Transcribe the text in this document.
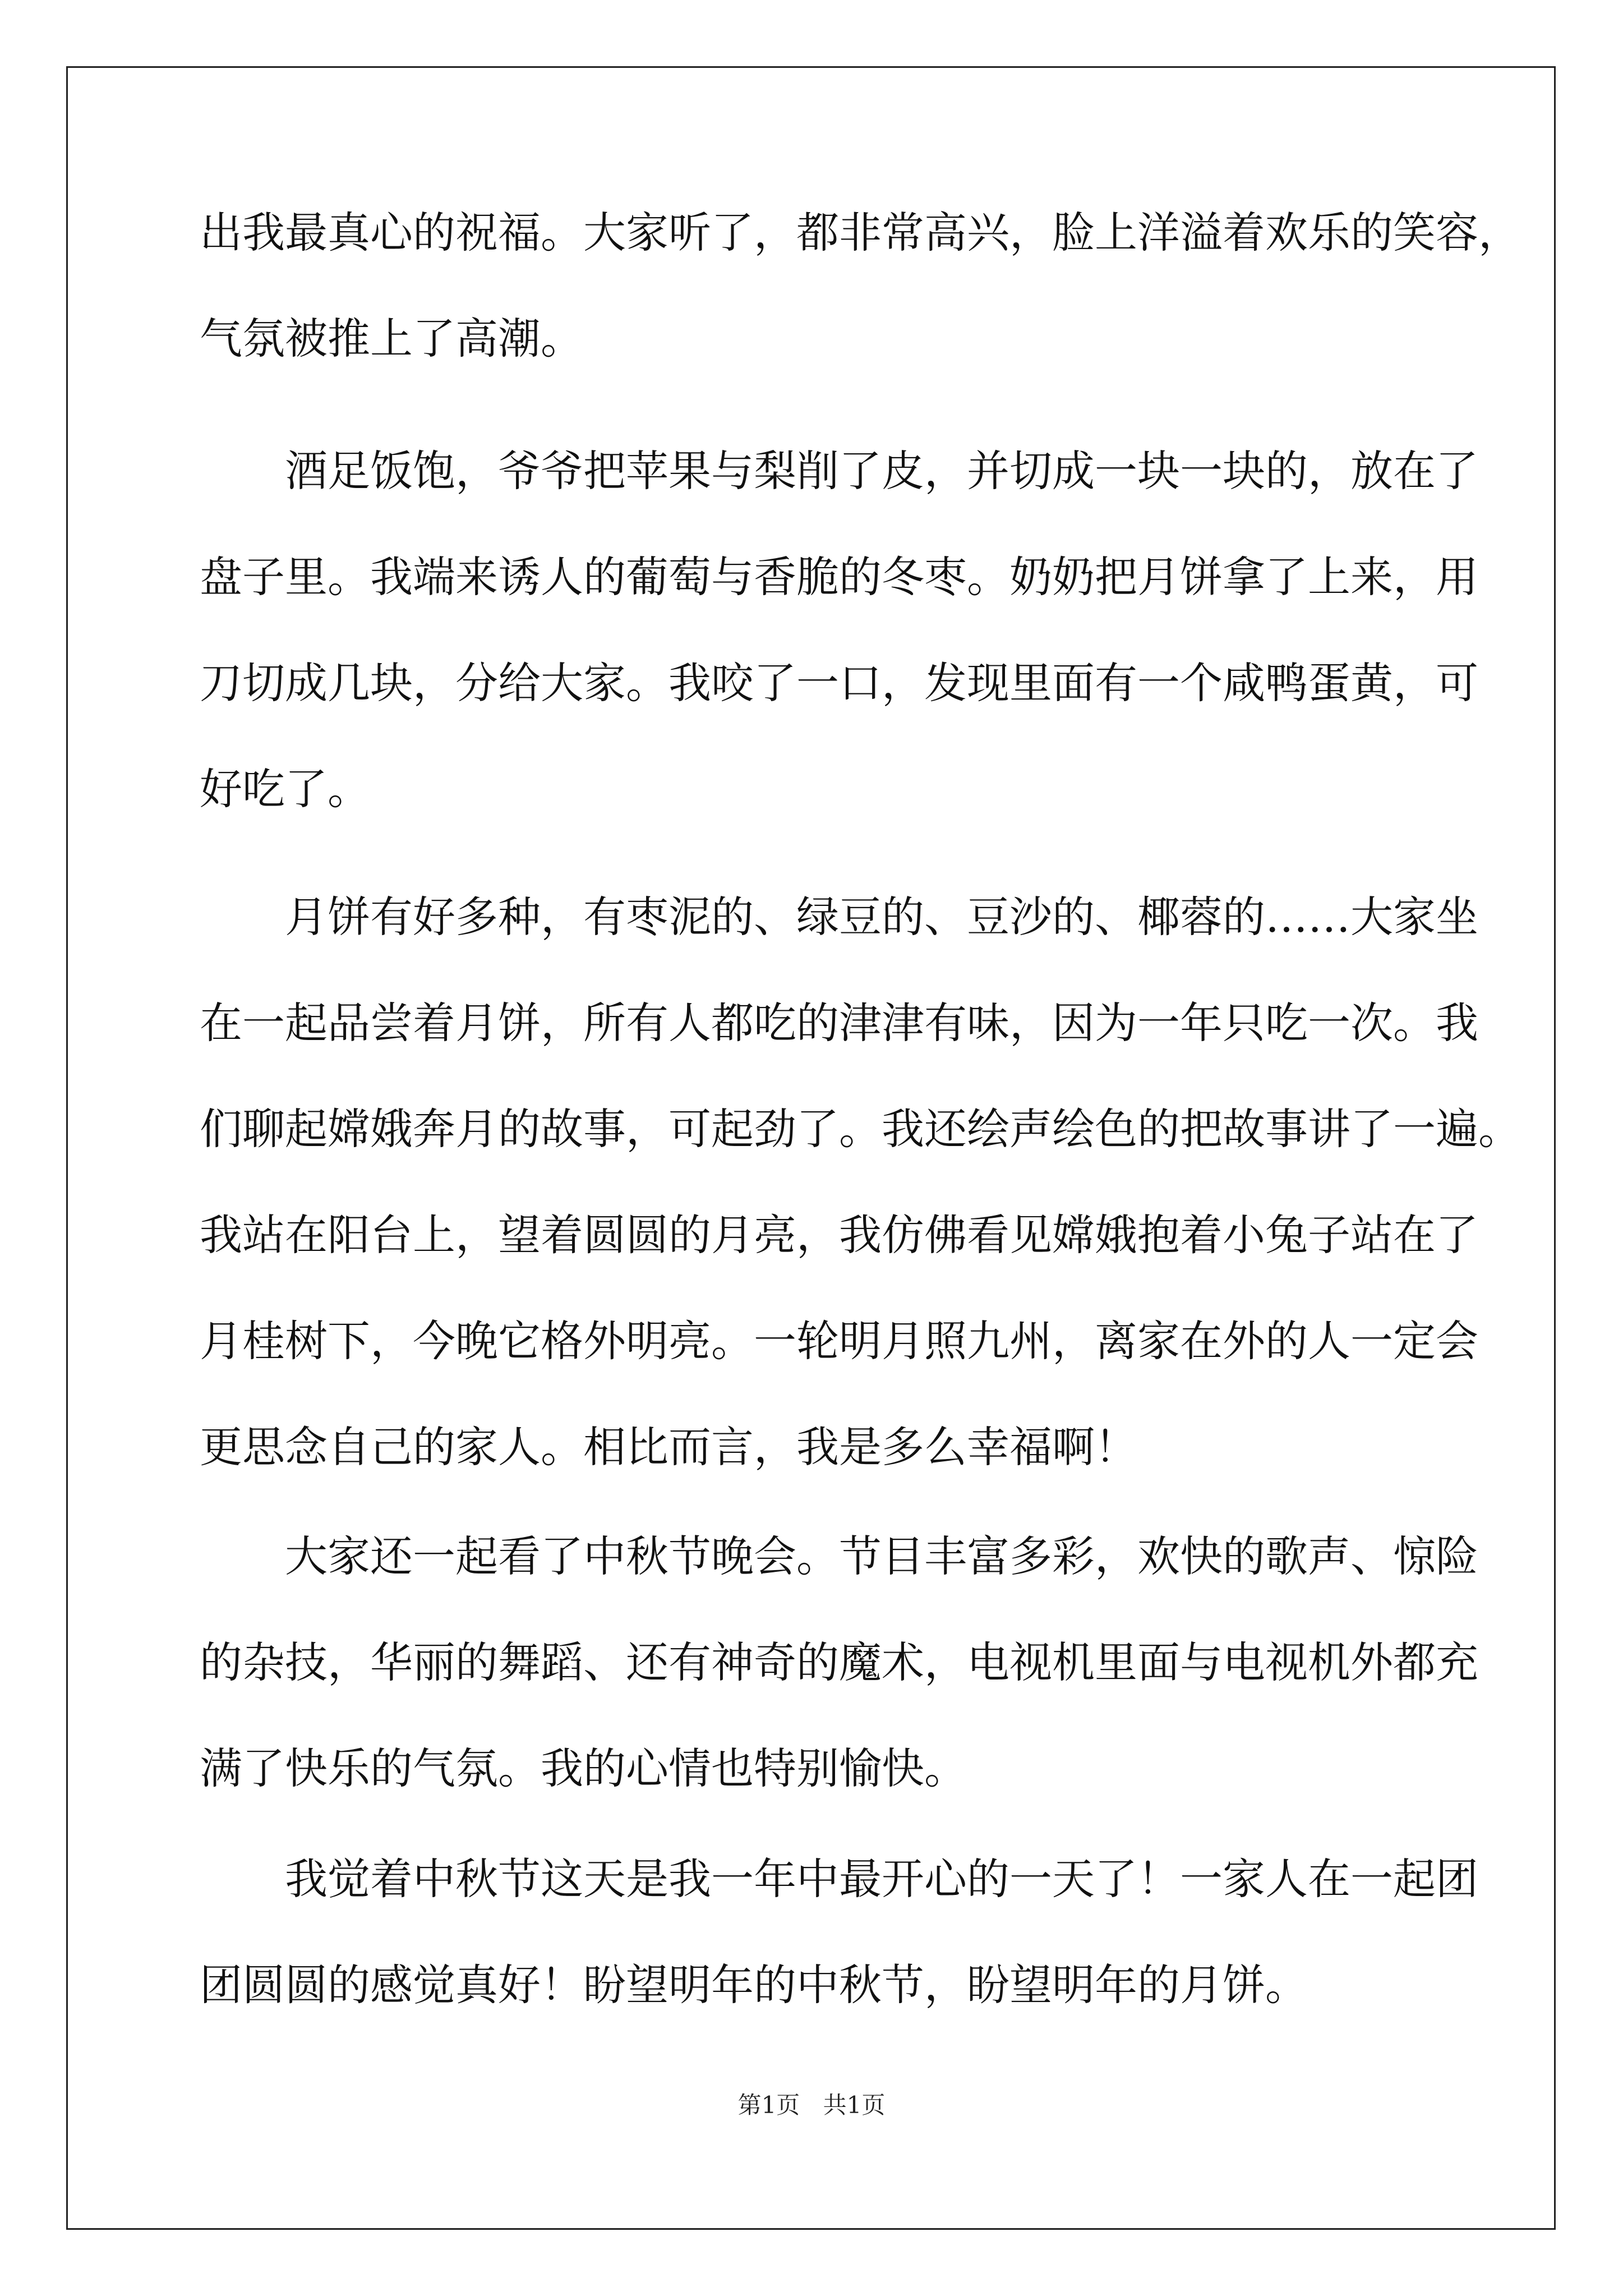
出我最真心的祝福。大家听了，都非常高兴，脸上洋溢着欢乐的笑容，
气氛被推上了高潮。

酒足饭饱，爷爷把苹果与梨削了皮，并切成一块一块的，放在了
盘子里。我端来诱人的葡萄与香脆的冬枣。奶奶把月饼拿了上来，用
刀切成几块，分给大家。我咬了一口，发现里面有一个咸鸭蛋黄，可
好吃了。

月饼有好多种，有枣泥的、绿豆的、豆沙的、椰蓉的……大家坐
在一起品尝着月饼，所有人都吃的津津有味，因为一年只吃一次。我
们聊起嫦娥奔月的故事，可起劲了。我还绘声绘色的把故事讲了一遍。
我站在阳台上，望着圆圆的月亮，我仿佛看见嫦娥抱着小兔子站在了
月桂树下，今晚它格外明亮。一轮明月照九州，离家在外的人一定会
更思念自己的家人。相比而言，我是多么幸福啊！

大家还一起看了中秋节晚会。节目丰富多彩，欢快的歌声、惊险
的杂技，华丽的舞蹈、还有神奇的魔术，电视机里面与电视机外都充
满了快乐的气氛。我的心情也特别愉快。

我觉着中秋节这天是我一年中最开心的一天了！一家人在一起团
团圆圆的感觉真好！盼望明年的中秋节，盼望明年的月饼。

第1页 共1页
